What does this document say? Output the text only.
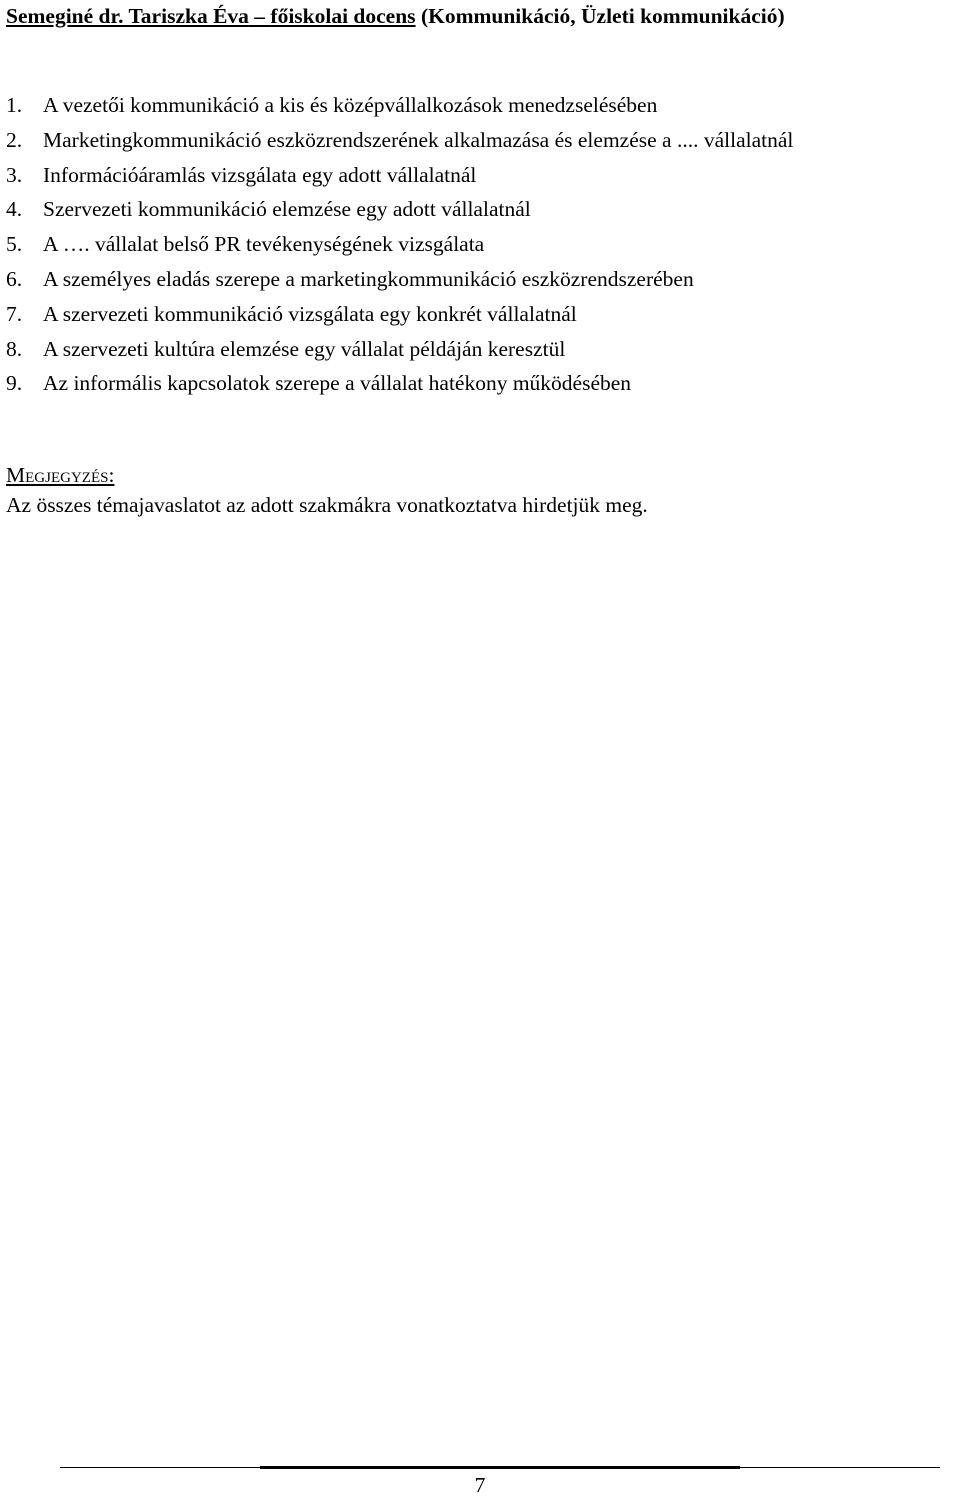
Semeginé dr. Tariszka Éva – főiskolai docens (Kommunikáció, Üzleti kommunikáció)
1. A vezetői kommunikáció a kis és középvállalkozások menedzselésében
2. Marketingkommunikáció eszközrendszerének alkalmazása és elemzése a .... vállalatnál
3. Információáramlás vizsgálata egy adott vállalatnál
4. Szervezeti kommunikáció elemzése egy adott vállalatnál
5. A …. vállalat belső PR tevékenységének vizsgálata
6. A személyes eladás szerepe a marketingkommunikáció eszközrendszerében
7. A szervezeti kommunikáció vizsgálata egy konkrét vállalatnál
8. A szervezeti kultúra elemzése egy vállalat példáján keresztül
9. Az informális kapcsolatok szerepe a vállalat hatékony működésében
Megjegyzés:
Az összes témajavaslatot az adott szakmákra vonatkoztatva hirdetjük meg.
7
